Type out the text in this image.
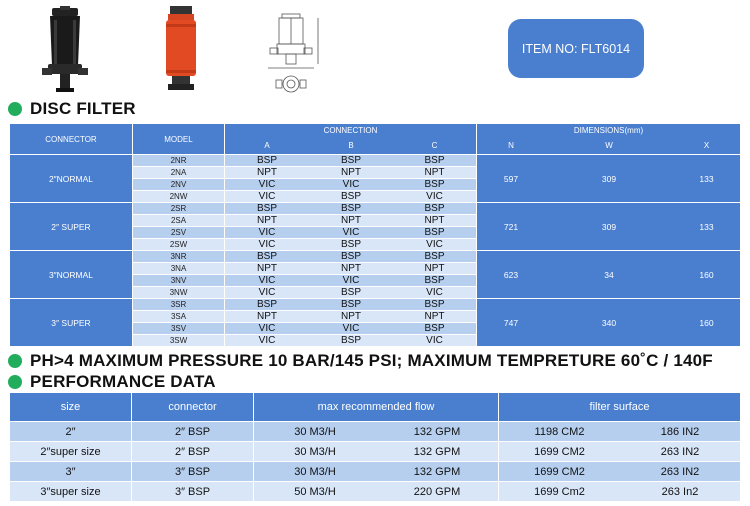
ITEM NO: FLT6014
DISC FILTER
CONNECTOR	MODEL
CONNECTION
A	B	C
DIMENSIONS(mm)
N	W	X
2″NORMAL
2NR	BSP	BSP	BSP
2NA	NPT	NPT	NPT
2NV	VIC	VIC	BSP
2NW	VIC	BSP	VIC
597	309	133
2″ SUPER
2SR	BSP	BSP	BSP
2SA	NPT	NPT	NPT
2SV	VIC	VIC	BSP
2SW	VIC	BSP	VIC
721	309	133
3″NORMAL
3NR	BSP	BSP	BSP
3NA	NPT	NPT	NPT
3NV	VIC	VIC	BSP
3NW	VIC	BSP	VIC
623	34	160
3″ SUPER
3SR	BSP	BSP	BSP
3SA	NPT	NPT	NPT
3SV	VIC	VIC	BSP
3SW	VIC	BSP	VIC
747	340	160
PH>4 MAXIMUM PRESSURE 10 BAR/145 PSI; MAXIMUM TEMPRETURE 60˚C / 140F
PERFORMANCE DATA
size	connector	max recommended flow	filter surface
2″	2″ BSP	30 M3/H	132 GPM	1198 CM2	186 IN2
2″super size	2″ BSP	30 M3/H	132 GPM	1699 CM2	263 IN2
3″	3″ BSP	30 M3/H	132 GPM	1699 CM2	263 IN2
3″super size	3″ BSP	50 M3/H	220 GPM	1699 Cm2	263 In2
